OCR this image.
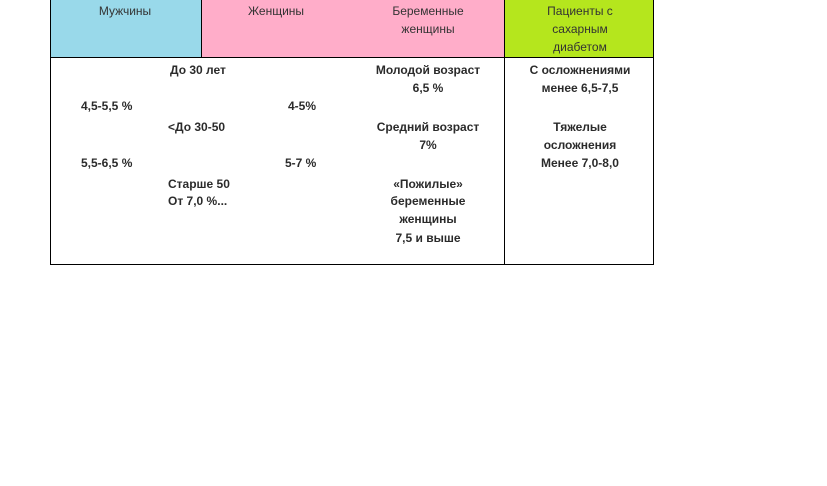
Мужчины	Женщины	Беременные
женщины
Пациенты с
сахарным
диабетом
До 30 лет
<До 30-50
Старше 50
От 7,0 %...
4,5-5,5 %
5,5-6,5 %
4-5%
5-7 %
Молодой возраст
6,5 %
Средний возраст
7%
«Пожилые»
беременные
женщины
7,5 и выше
С осложнениями
менее 6,5-7,5
Тяжелые
осложнения
Менее 7,0-8,0
